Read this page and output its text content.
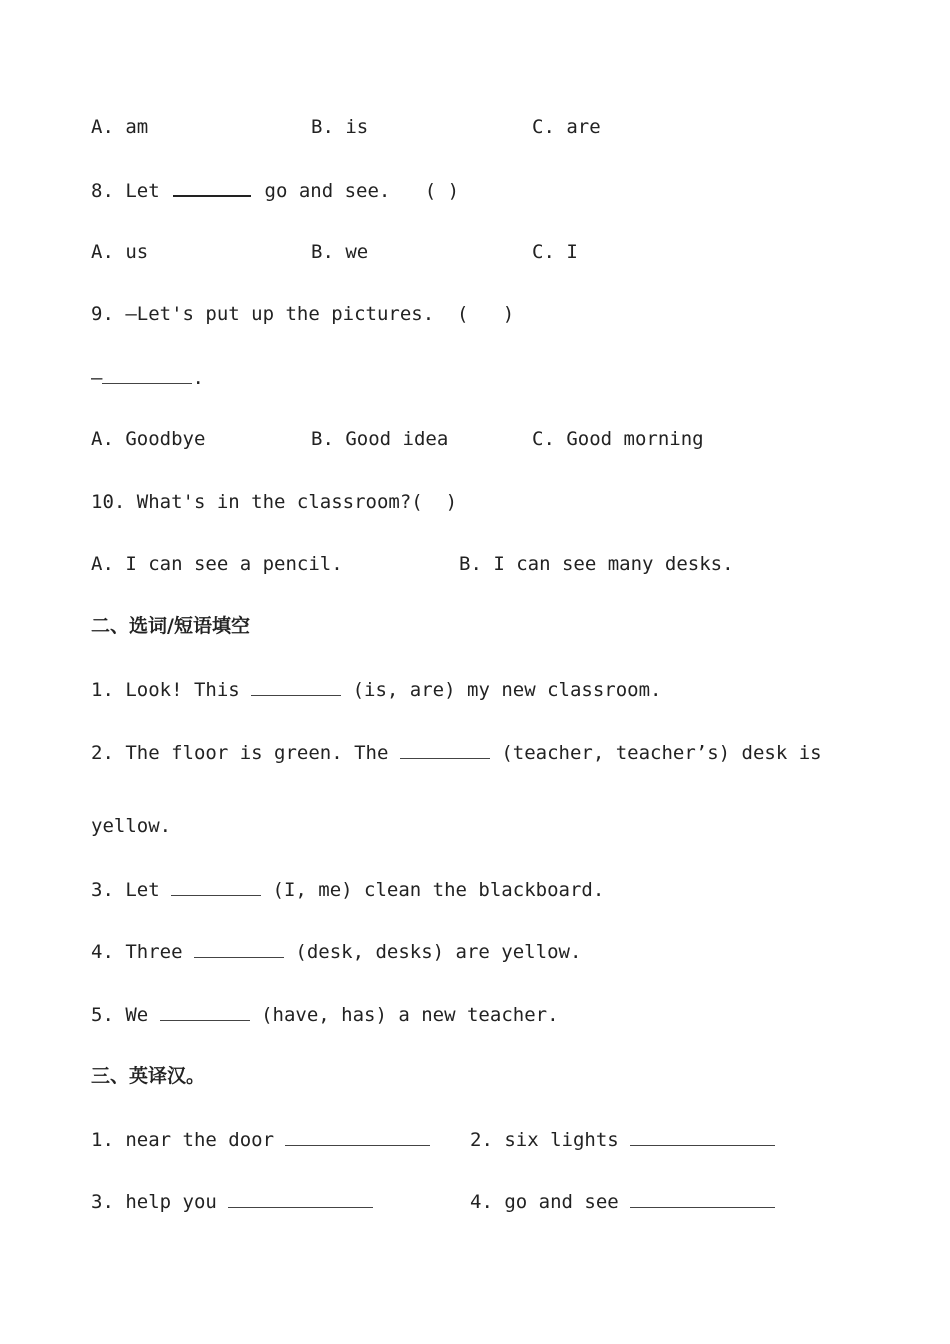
A. am

	B. is

	C. are

8. Let	go and see.   ( )

A. us

	B. we

	C. I

9. —Let's put up the pictures.  (   )
—	.

A. Goodbye

	B. Good idea

	C. Good morning

10. What's in the classroom?(  )

A. I can see a pencil.

	B. I can see many desks.

二、选词/短语填空
1. Look! This	(is, are) my new classroom.
2. The floor is green. The	(teacher, teacher’s) desk is
yellow.
3. Let	(I, me) clean the blackboard.
4. Three	(desk, desks) are yellow.
5. We	(have, has) a new teacher.
三、英译汉。

1. near the door

	2. six lights

3. help you

	4. go and see
